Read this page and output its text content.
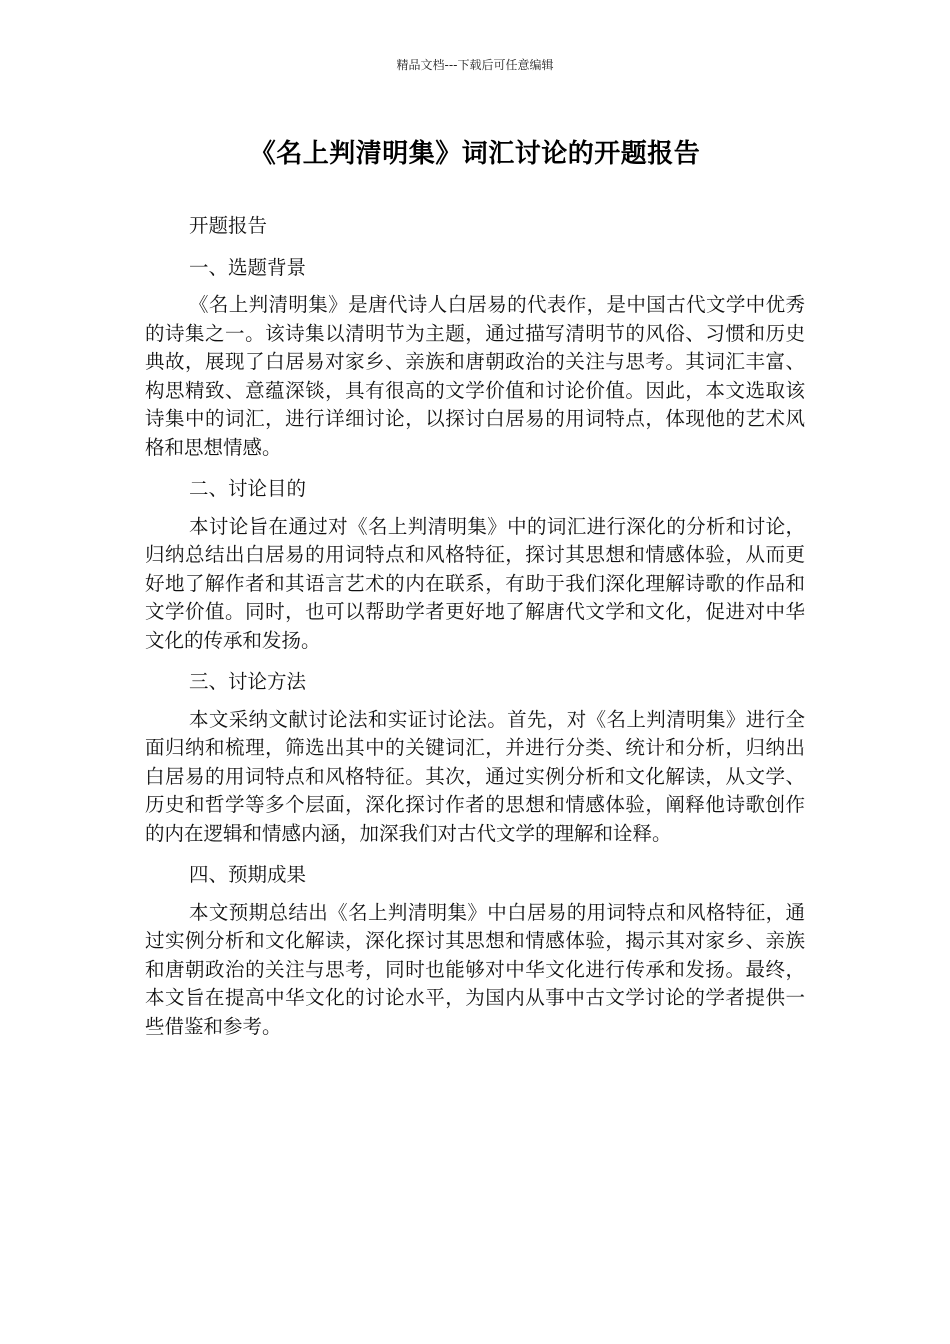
精品文档---下载后可任意编辑
《名上判清明集》词汇讨论的开题报告

开题报告

一、选题背景

《名上判清明集》是唐代诗人白居易的代表作，是中国古代文学中优秀的诗集之一。该诗集以清明节为主题，通过描写清明节的风俗、习惯和历史典故，展现了白居易对家乡、亲族和唐朝政治的关注与思考。其词汇丰富、构思精致、意蕴深锬，具有很高的文学价值和讨论价值。因此，本文选取该诗集中的词汇，进行详细讨论，以探讨白居易的用词特点，体现他的艺术风格和思想情感。

二、讨论目的

本讨论旨在通过对《名上判清明集》中的词汇进行深化的分析和讨论，归纳总结出白居易的用词特点和风格特征，探讨其思想和情感体验，从而更好地了解作者和其语言艺术的内在联系，有助于我们深化理解诗歌的作品和文学价值。同时，也可以帮助学者更好地了解唐代文学和文化，促进对中华文化的传承和发扬。

三、讨论方法

本文采纳文献讨论法和实证讨论法。首先，对《名上判清明集》进行全面归纳和梳理，筛选出其中的关键词汇，并进行分类、统计和分析，归纳出白居易的用词特点和风格特征。其次，通过实例分析和文化解读，从文学、历史和哲学等多个层面，深化探讨作者的思想和情感体验，阐释他诗歌创作的内在逻辑和情感内涵，加深我们对古代文学的理解和诠释。

四、预期成果

本文预期总结出《名上判清明集》中白居易的用词特点和风格特征，通过实例分析和文化解读，深化探讨其思想和情感体验，揭示其对家乡、亲族和唐朝政治的关注与思考，同时也能够对中华文化进行传承和发扬。最终，本文旨在提高中华文化的讨论水平，为国内从事中古文学讨论的学者提供一些借鉴和参考。
